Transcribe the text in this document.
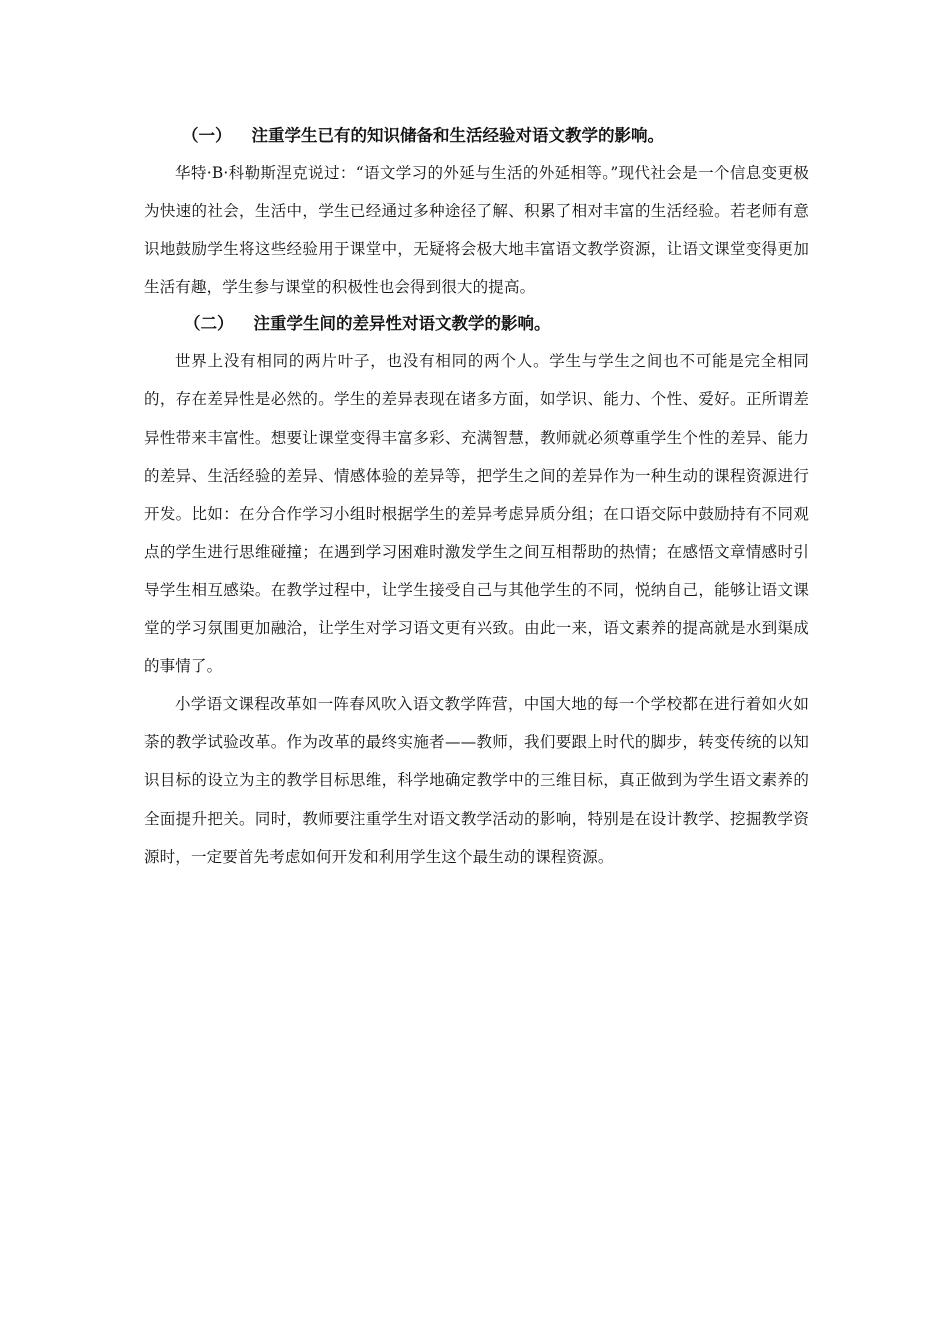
（一） 注重学生已有的知识储备和生活经验对语文教学的影响。

华特·B·科勒斯涅克说过：“语文学习的外延与生活的外延相等。”现代社会是一个信息变更极为快速的社会，生活中，学生已经通过多种途径了解、积累了相对丰富的生活经验。若老师有意识地鼓励学生将这些经验用于课堂中，无疑将会极大地丰富语文教学资源，让语文课堂变得更加生活有趣，学生参与课堂的积极性也会得到很大的提高。

（二） 注重学生间的差异性对语文教学的影响。

世界上没有相同的两片叶子，也没有相同的两个人。学生与学生之间也不可能是完全相同的，存在差异性是必然的。学生的差异表现在诸多方面，如学识、能力、个性、爱好。正所谓差异性带来丰富性。想要让课堂变得丰富多彩、充满智慧，教师就必须尊重学生个性的差异、能力的差异、生活经验的差异、情感体验的差异等，把学生之间的差异作为一种生动的课程资源进行开发。比如：在分合作学习小组时根据学生的差异考虑异质分组；在口语交际中鼓励持有不同观点的学生进行思维碰撞；在遇到学习困难时激发学生之间互相帮助的热情；在感悟文章情感时引导学生相互感染。在教学过程中，让学生接受自己与其他学生的不同，悦纳自己，能够让语文课堂的学习氛围更加融洽，让学生对学习语文更有兴致。由此一来，语文素养的提高就是水到渠成的事情了。

小学语文课程改革如一阵春风吹入语文教学阵营，中国大地的每一个学校都在进行着如火如荼的教学试验改革。作为改革的最终实施者——教师，我们要跟上时代的脚步，转变传统的以知识目标的设立为主的教学目标思维，科学地确定教学中的三维目标，真正做到为学生语文素养的全面提升把关。同时，教师要注重学生对语文教学活动的影响，特别是在设计教学、挖掘教学资源时，一定要首先考虑如何开发和利用学生这个最生动的课程资源。
